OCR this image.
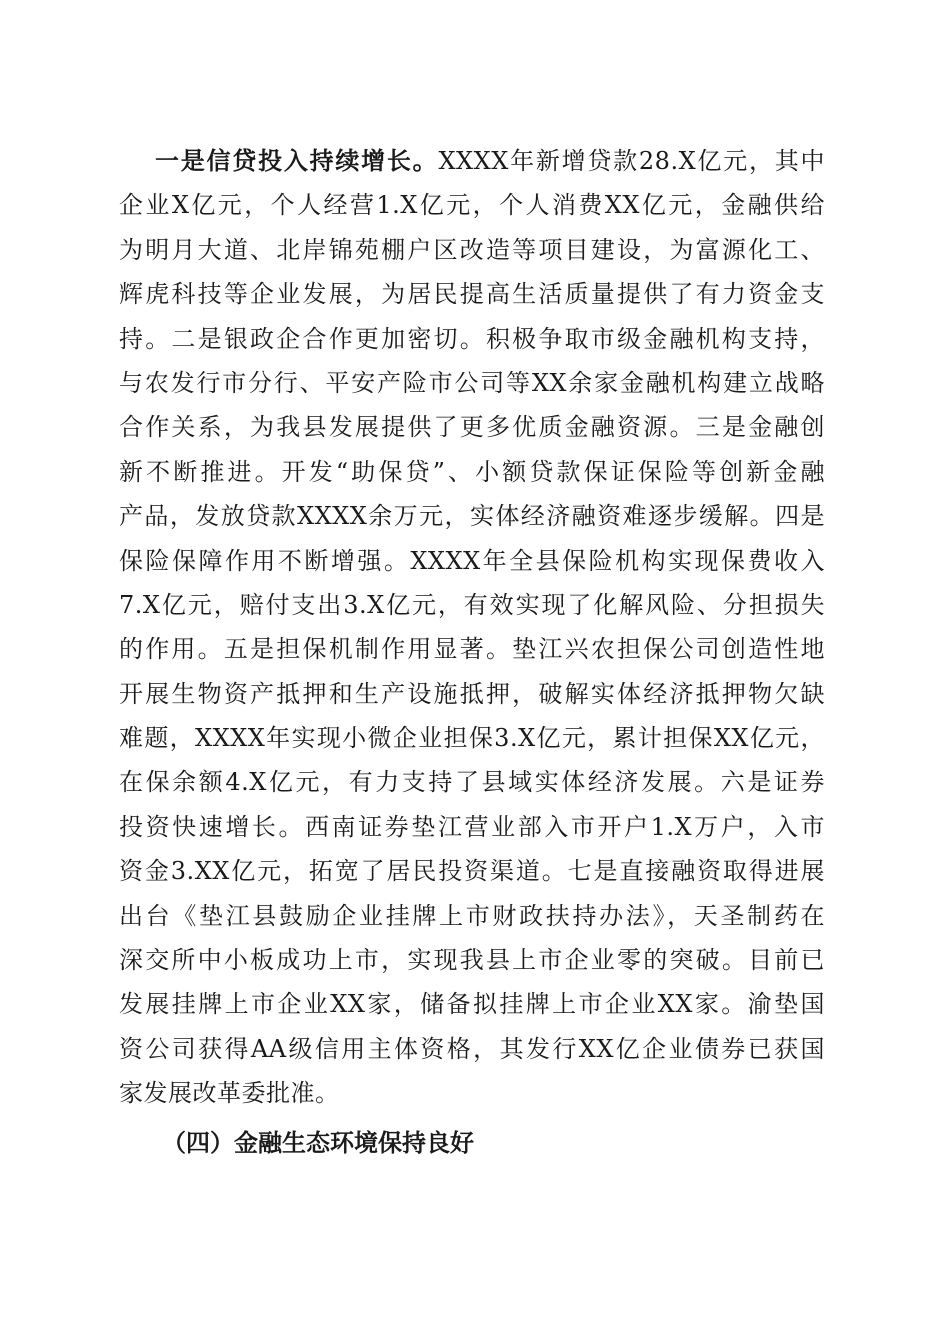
一是信贷投入持续增长。XXXX年新增贷款28.X亿元，其中
企业X亿元，个人经营1.X亿元，个人消费XX亿元，金融供给
为明月大道、北岸锦苑棚户区改造等项目建设，为富源化工、
辉虎科技等企业发展，为居民提高生活质量提供了有力资金支
持。二是银政企合作更加密切。积极争取市级金融机构支持，
与农发行市分行、平安产险市公司等XX余家金融机构建立战略
合作关系，为我县发展提供了更多优质金融资源。三是金融创
新不断推进。开发“助保贷”、小额贷款保证保险等创新金融
产品，发放贷款XXXX余万元，实体经济融资难逐步缓解。四是
保险保障作用不断增强。XXXX年全县保险机构实现保费收入
7.X亿元，赔付支出3.X亿元，有效实现了化解风险、分担损失
的作用。五是担保机制作用显著。垫江兴农担保公司创造性地
开展生物资产抵押和生产设施抵押，破解实体经济抵押物欠缺
难题，XXXX年实现小微企业担保3.X亿元，累计担保XX亿元，
在保余额4.X亿元，有力支持了县域实体经济发展。六是证券
投资快速增长。西南证券垫江营业部入市开户1.X万户，入市
资金3.XX亿元，拓宽了居民投资渠道。七是直接融资取得进展
出台《垫江县鼓励企业挂牌上市财政扶持办法》，天圣制药在
深交所中小板成功上市，实现我县上市企业零的突破。目前已
发展挂牌上市企业XX家，储备拟挂牌上市企业XX家。渝垫国
资公司获得AA级信用主体资格，其发行XX亿企业债券已获国
家发展改革委批准。
（四）金融生态环境保持良好
